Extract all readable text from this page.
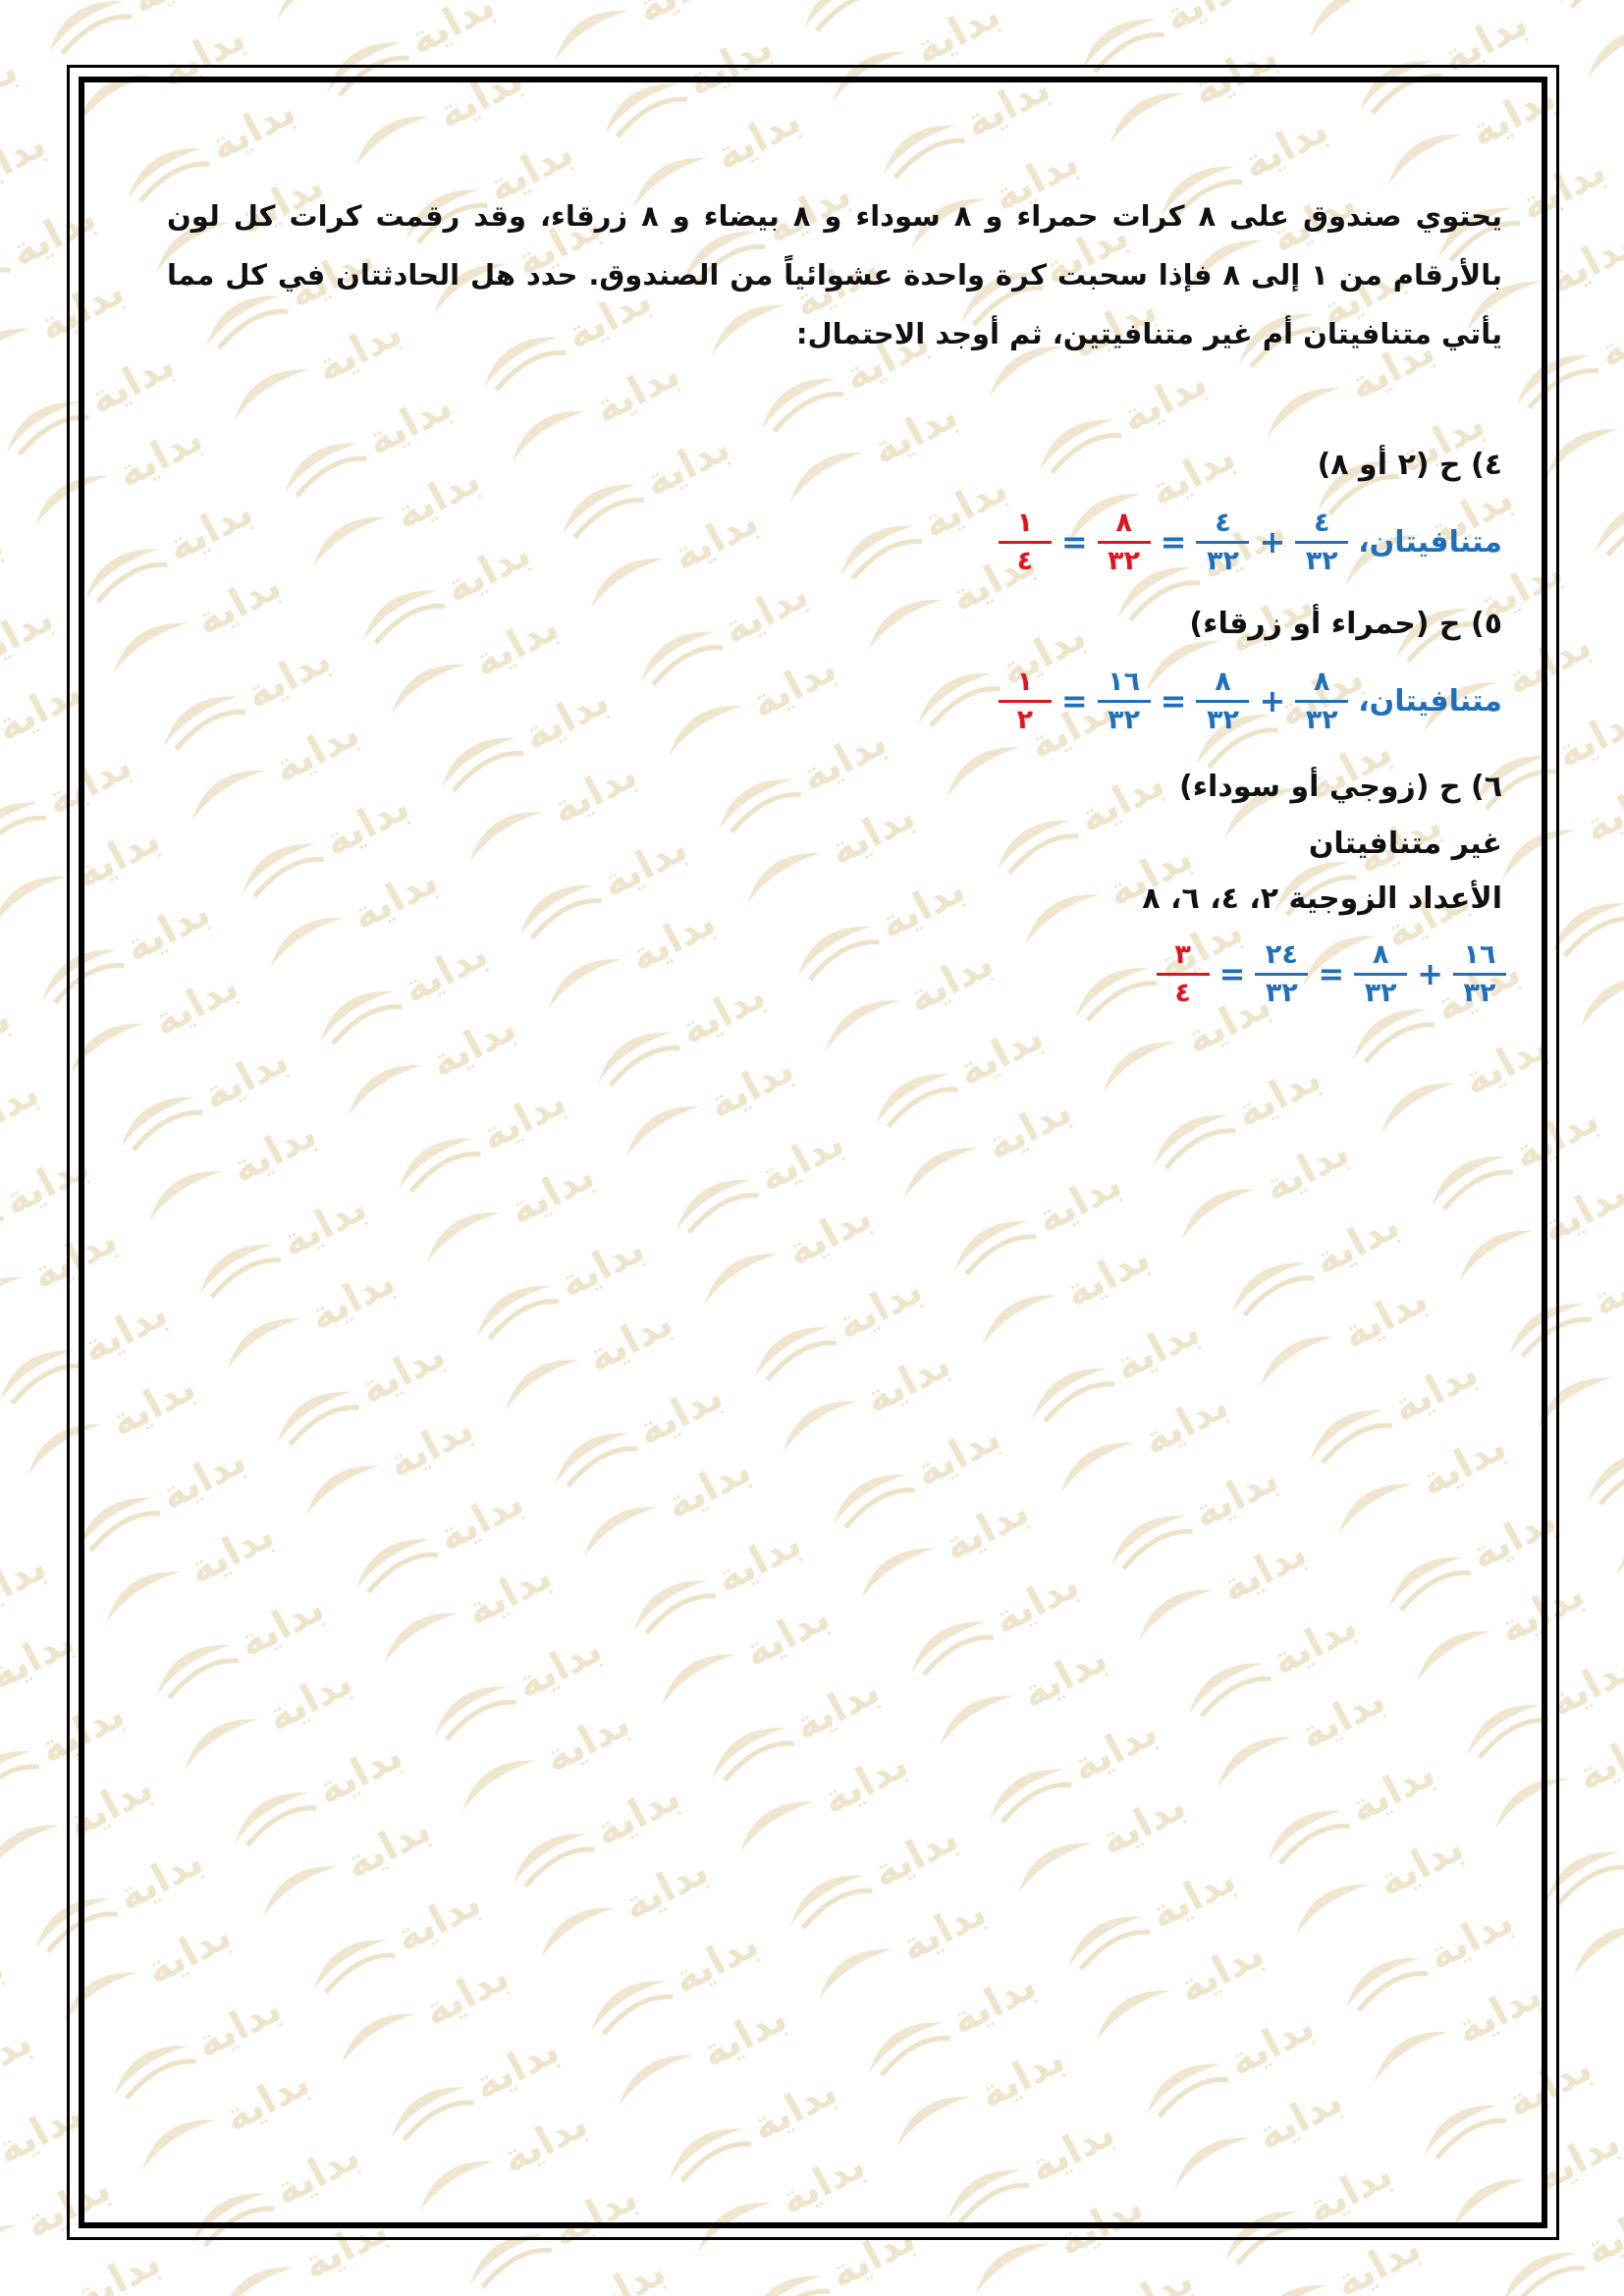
يحتوي صندوق على ٨ كرات حمراء و ٨ سوداء و ٨ بيضاء و ٨ زرقاء، وقد رقمت كرات كل لون بالأرقام من ١ إلى ٨ فإذا سحبت كرة واحدة عشوائياً من الصندوق. حدد هل الحادثتان في كل مما يأتي متنافيتان أم غير متنافيتين، ثم أوجد الاحتمال:

٤) ح (٢ أو ٨)

متنافيتان،
$\frac{٤}{٣٢}$
+
$\frac{٤}{٣٢}$
=
$\frac{٨}{٣٢}$
=
$\frac{١}{٤}$

٥) ح (حمراء أو زرقاء)

متنافيتان،
$\frac{٨}{٣٢}$
+
$\frac{٨}{٣٢}$
=
$\frac{١٦}{٣٢}$
=
$\frac{١}{٢}$

٦) ح (زوجي أو سوداء)

غير متنافيتان

الأعداد الزوجية ٢، ٤، ٦، ٨

$\frac{١٦}{٣٢}$
+
$\frac{٨}{٣٢}$
=
$\frac{٢٤}{٣٢}$
=
$\frac{٣}{٤}$
